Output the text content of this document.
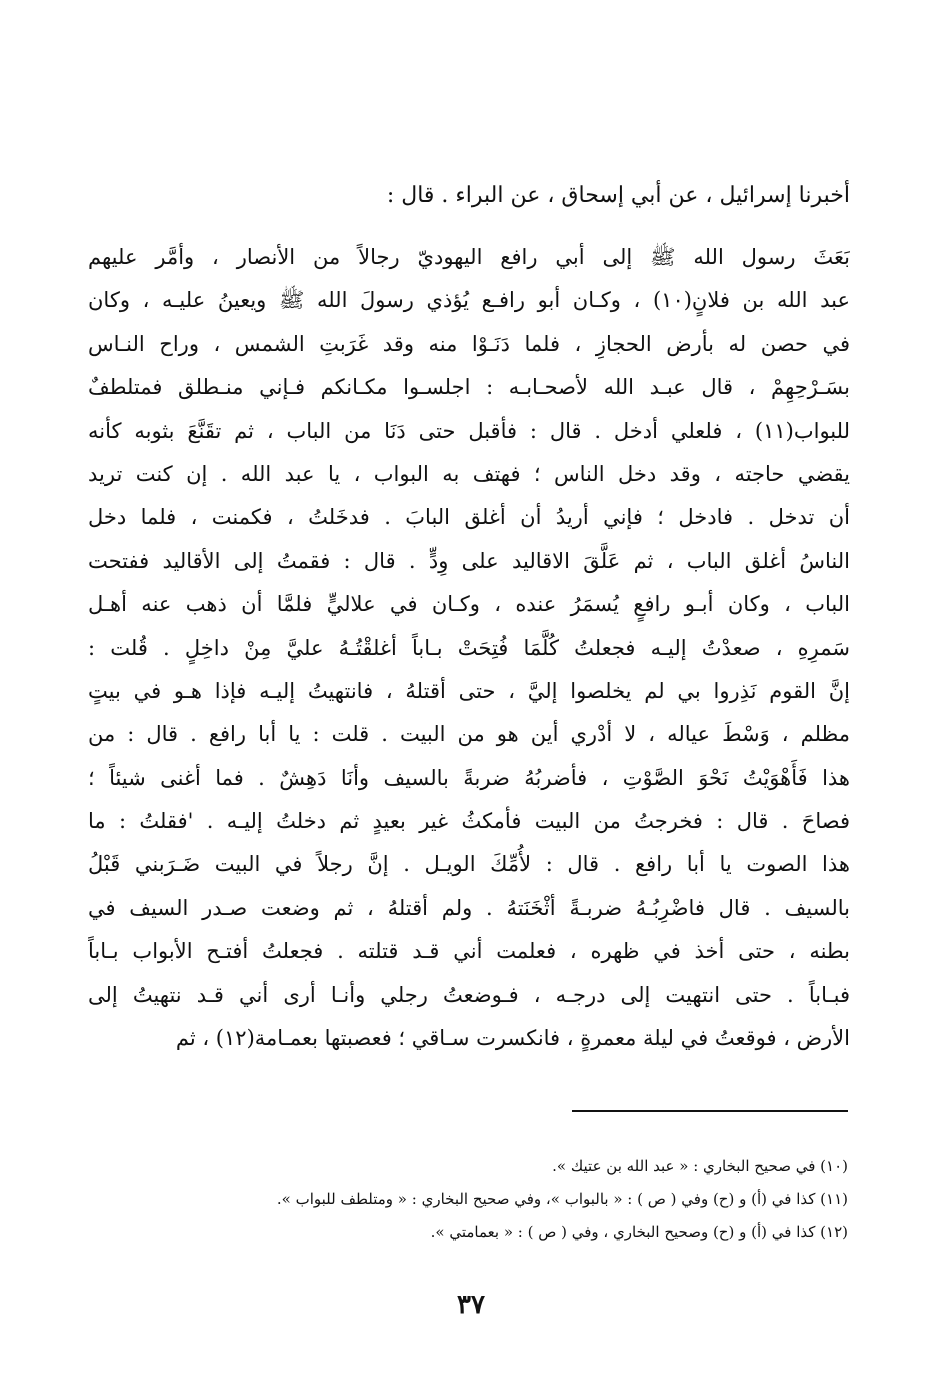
أخبرنا إسرائيل ، عن أبي إسحاق ، عن البراء . قال :
بَعَثَ رسول الله ﷺ إلى أبي رافع اليهوديّ رجالاً من الأنصار ، وأمَّر عليهم
عبد الله بن فلانٍ(١٠) ، وكـان أبو رافـع يُؤذي رسولَ الله ﷺ ويعينُ عليـه ، وكان
في حصن له بأرض الحجازِ ، فلما دَنَـوْا منه وقد غَرَبتِ الشمس ، وراح النـاس
بسَـرْحِهِمْ ، قال عبـد الله لأصحـابـه : اجلسـوا مكـانكم فـإني منـطلق فمتلطفٌ
للبواب(١١) ، فلعلي أدخل . قال : فأقبل حتى دَنَا من الباب ، ثم تقَنَّعَ بثوبه كأنه
يقضي حاجته ، وقد دخل الناس ؛ فهتف به البواب ، يا عبد الله . إن كنت تريد
أن تدخل . فادخل ؛ فإني أريدُ أن أغلق البابَ . فدخَلتُ ، فكمنت ، فلما دخل
الناسُ أغلق الباب ، ثم عَلَّقَ الاقاليد على وِدٍّ . قال : فقمتُ إلى الأقاليد ففتحت
الباب ، وكان أبـو رافعٍ يُسمَرُ عنده ، وكـان في علاليٍّ فلمَّا أن ذهب عنه أهـل
سَمرِهِ ، صعدْتُ إليـه فجعلتُ كُلَّمَا فُتِحَتْ بـاباً أغلقْتُـهُ عليَّ مِنْ داخِلٍ . قُلت :
إنَّ القوم نَذِروا بي لم يخلصوا إليَّ ، حتى أقتلهُ ، فانتهيتُ إليـه فإذا هـو في بيتٍ
مظلم ، وَسْطَ عياله ، لا أدْري أين هو من البيت . قلت : يا أبا رافع . قال : من
هذا فَأَهْوَيْتُ نَحْوَ الصَّوْتِ ، فأضربُهُ ضربةً بالسيف وأنَا دَهِشٌ . فما أغنى شيئاً ؛
فصاحَ . قال : فخرجتُ من البيت فأمكثُ غير بعيدٍ ثم دخلتُ إليـه . 'فقلتُ : ما
هذا الصوت يا أبا رافع . قال : لأُمِّكَ الويـل . إنَّ رجلاً في البيت ضَـرَبني قَبْلُ
بالسيف . قال فاضْرِبُـهُ ضربـةً أثْخَنَتهُ . ولم أقتلهُ ، ثم وضعت صـدر السيف في
بطنه ، حتى أخذ في ظهره ، فعلمت أني قـد قتلته . فجعلتُ أفتـح الأبواب بـاباً
فبـاباً . حتى انتهيت إلى درجـه ، فـوضعتُ رجلي وأنـا أرى أني قـد نتهيتُ إلى
الأرض ، فوقعتُ في ليلة معمرةٍ ، فانكسرت سـاقي ؛ فعصبتها بعمـامة(١٢) ، ثم
(١٠) في صحيح البخاري : « عبد الله بن عتيك ».
(١١) كذا في (أ) و (ح) وفي ( ص ) : « بالبواب »، وفي صحيح البخاري : « ومتلطف للبواب ».
(١٢) كذا في (أ) و (ح) وصحيح البخاري ، وفي ( ص ) : « بعمامتي ».
٣٧
